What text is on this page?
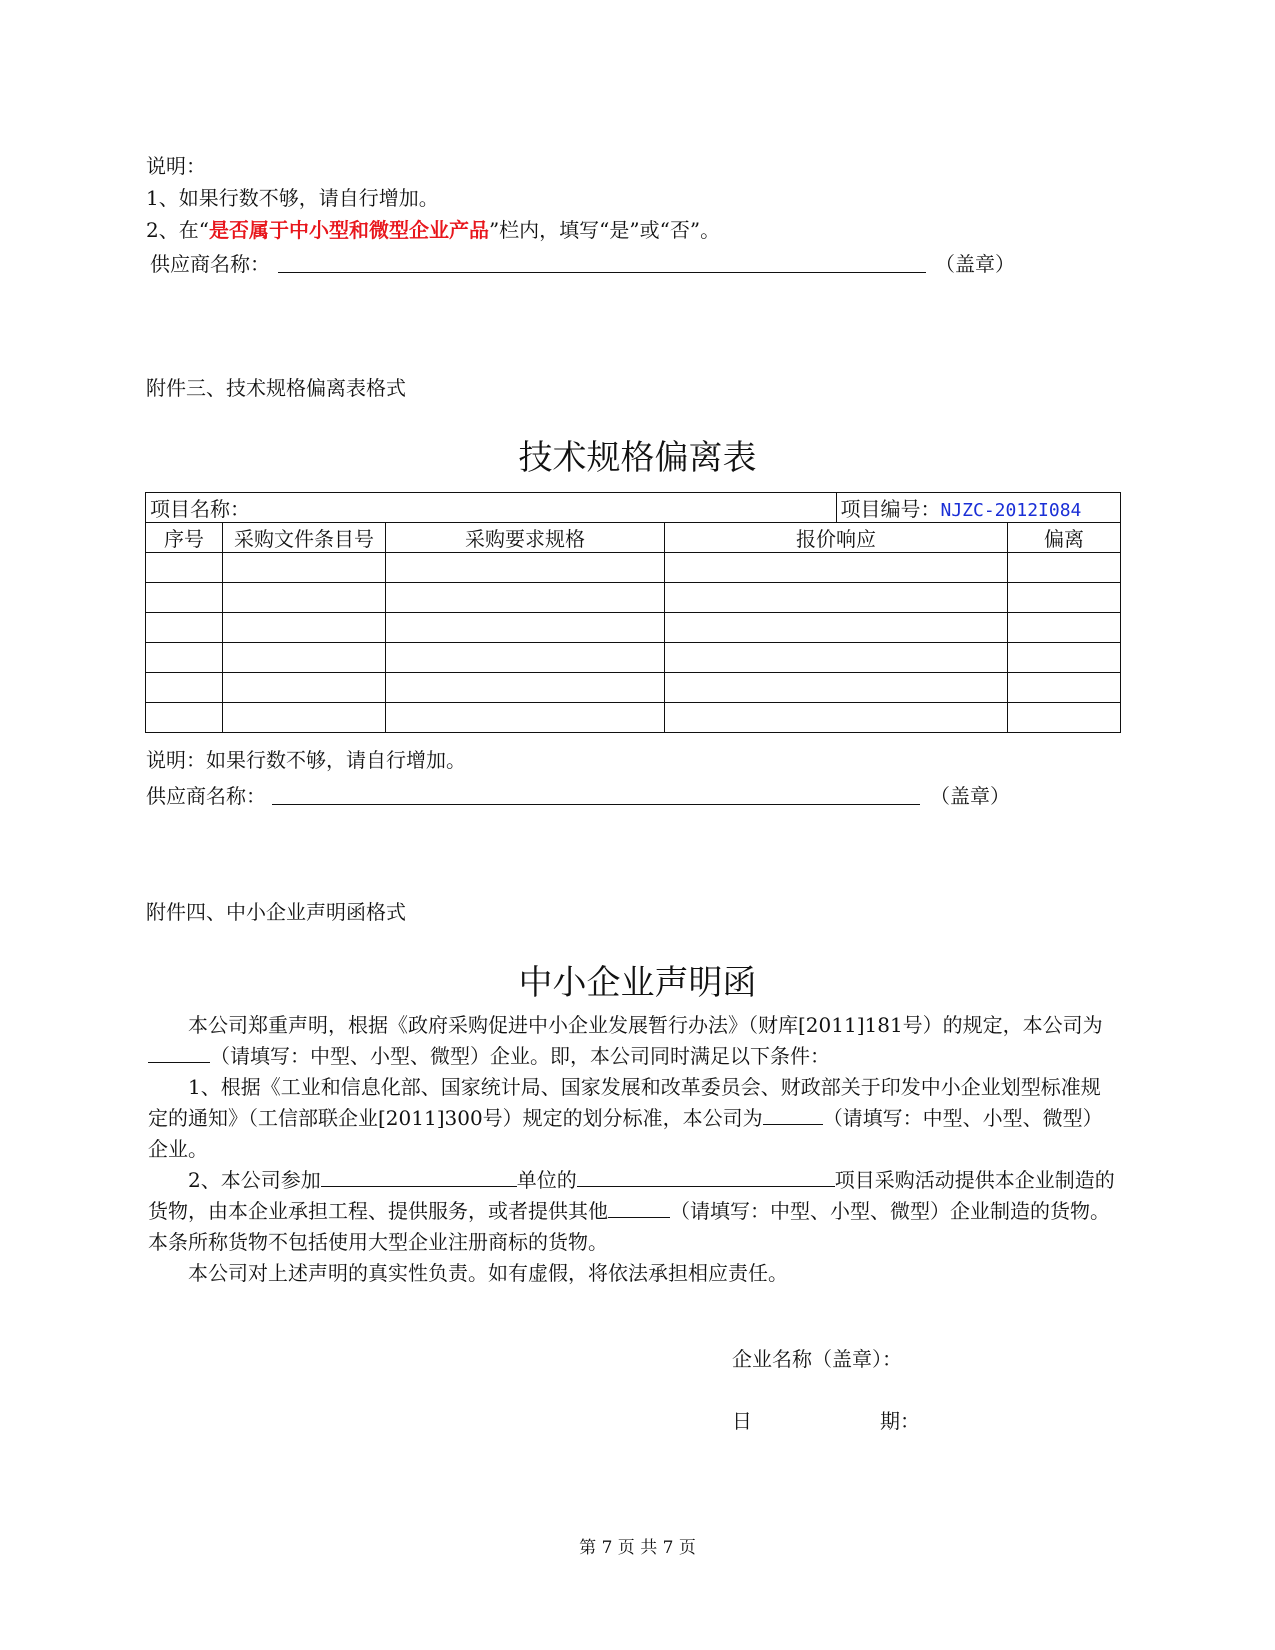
说明：
1、如果行数不够，请自行增加。
2、在“是否属于中小型和微型企业产品”栏内，填写“是”或“否”。
供应商名称：	（盖章）
附件三、技术规格偏离表格式
技术规格偏离表
项目名称：				项目编号：NJZC-2012I084	
序号	采购文件条目号	采购要求规格	报价响应		偏离

说明：如果行数不够，请自行增加。
供应商名称：	（盖章）
附件四、中小企业声明函格式
中小企业声明函
本公司郑重声明，根据《政府采购促进中小企业发展暂行办法》（财库[2011]181号）的规定，本公司为（请填写：中型、小型、微型）企业。即，本公司同时满足以下条件：
1、根据《工业和信息化部、国家统计局、国家发展和改革委员会、财政部关于印发中小企业划型标准规定的通知》（工信部联企业[2011]300号）规定的划分标准，本公司为	（请填写：中型、小型、微型）企业。
2、本公司参加	单位的	项目采购活动提供本企业制造的货物，由本企业承担工程、提供服务，或者提供其他	（请填写：中型、小型、微型）企业制造的货物。本条所称货物不包括使用大型企业注册商标的货物。
本公司对上述声明的真实性负责。如有虚假，将依法承担相应责任。
企业名称（盖章）：
日	期：
第 7 页 共 7 页
